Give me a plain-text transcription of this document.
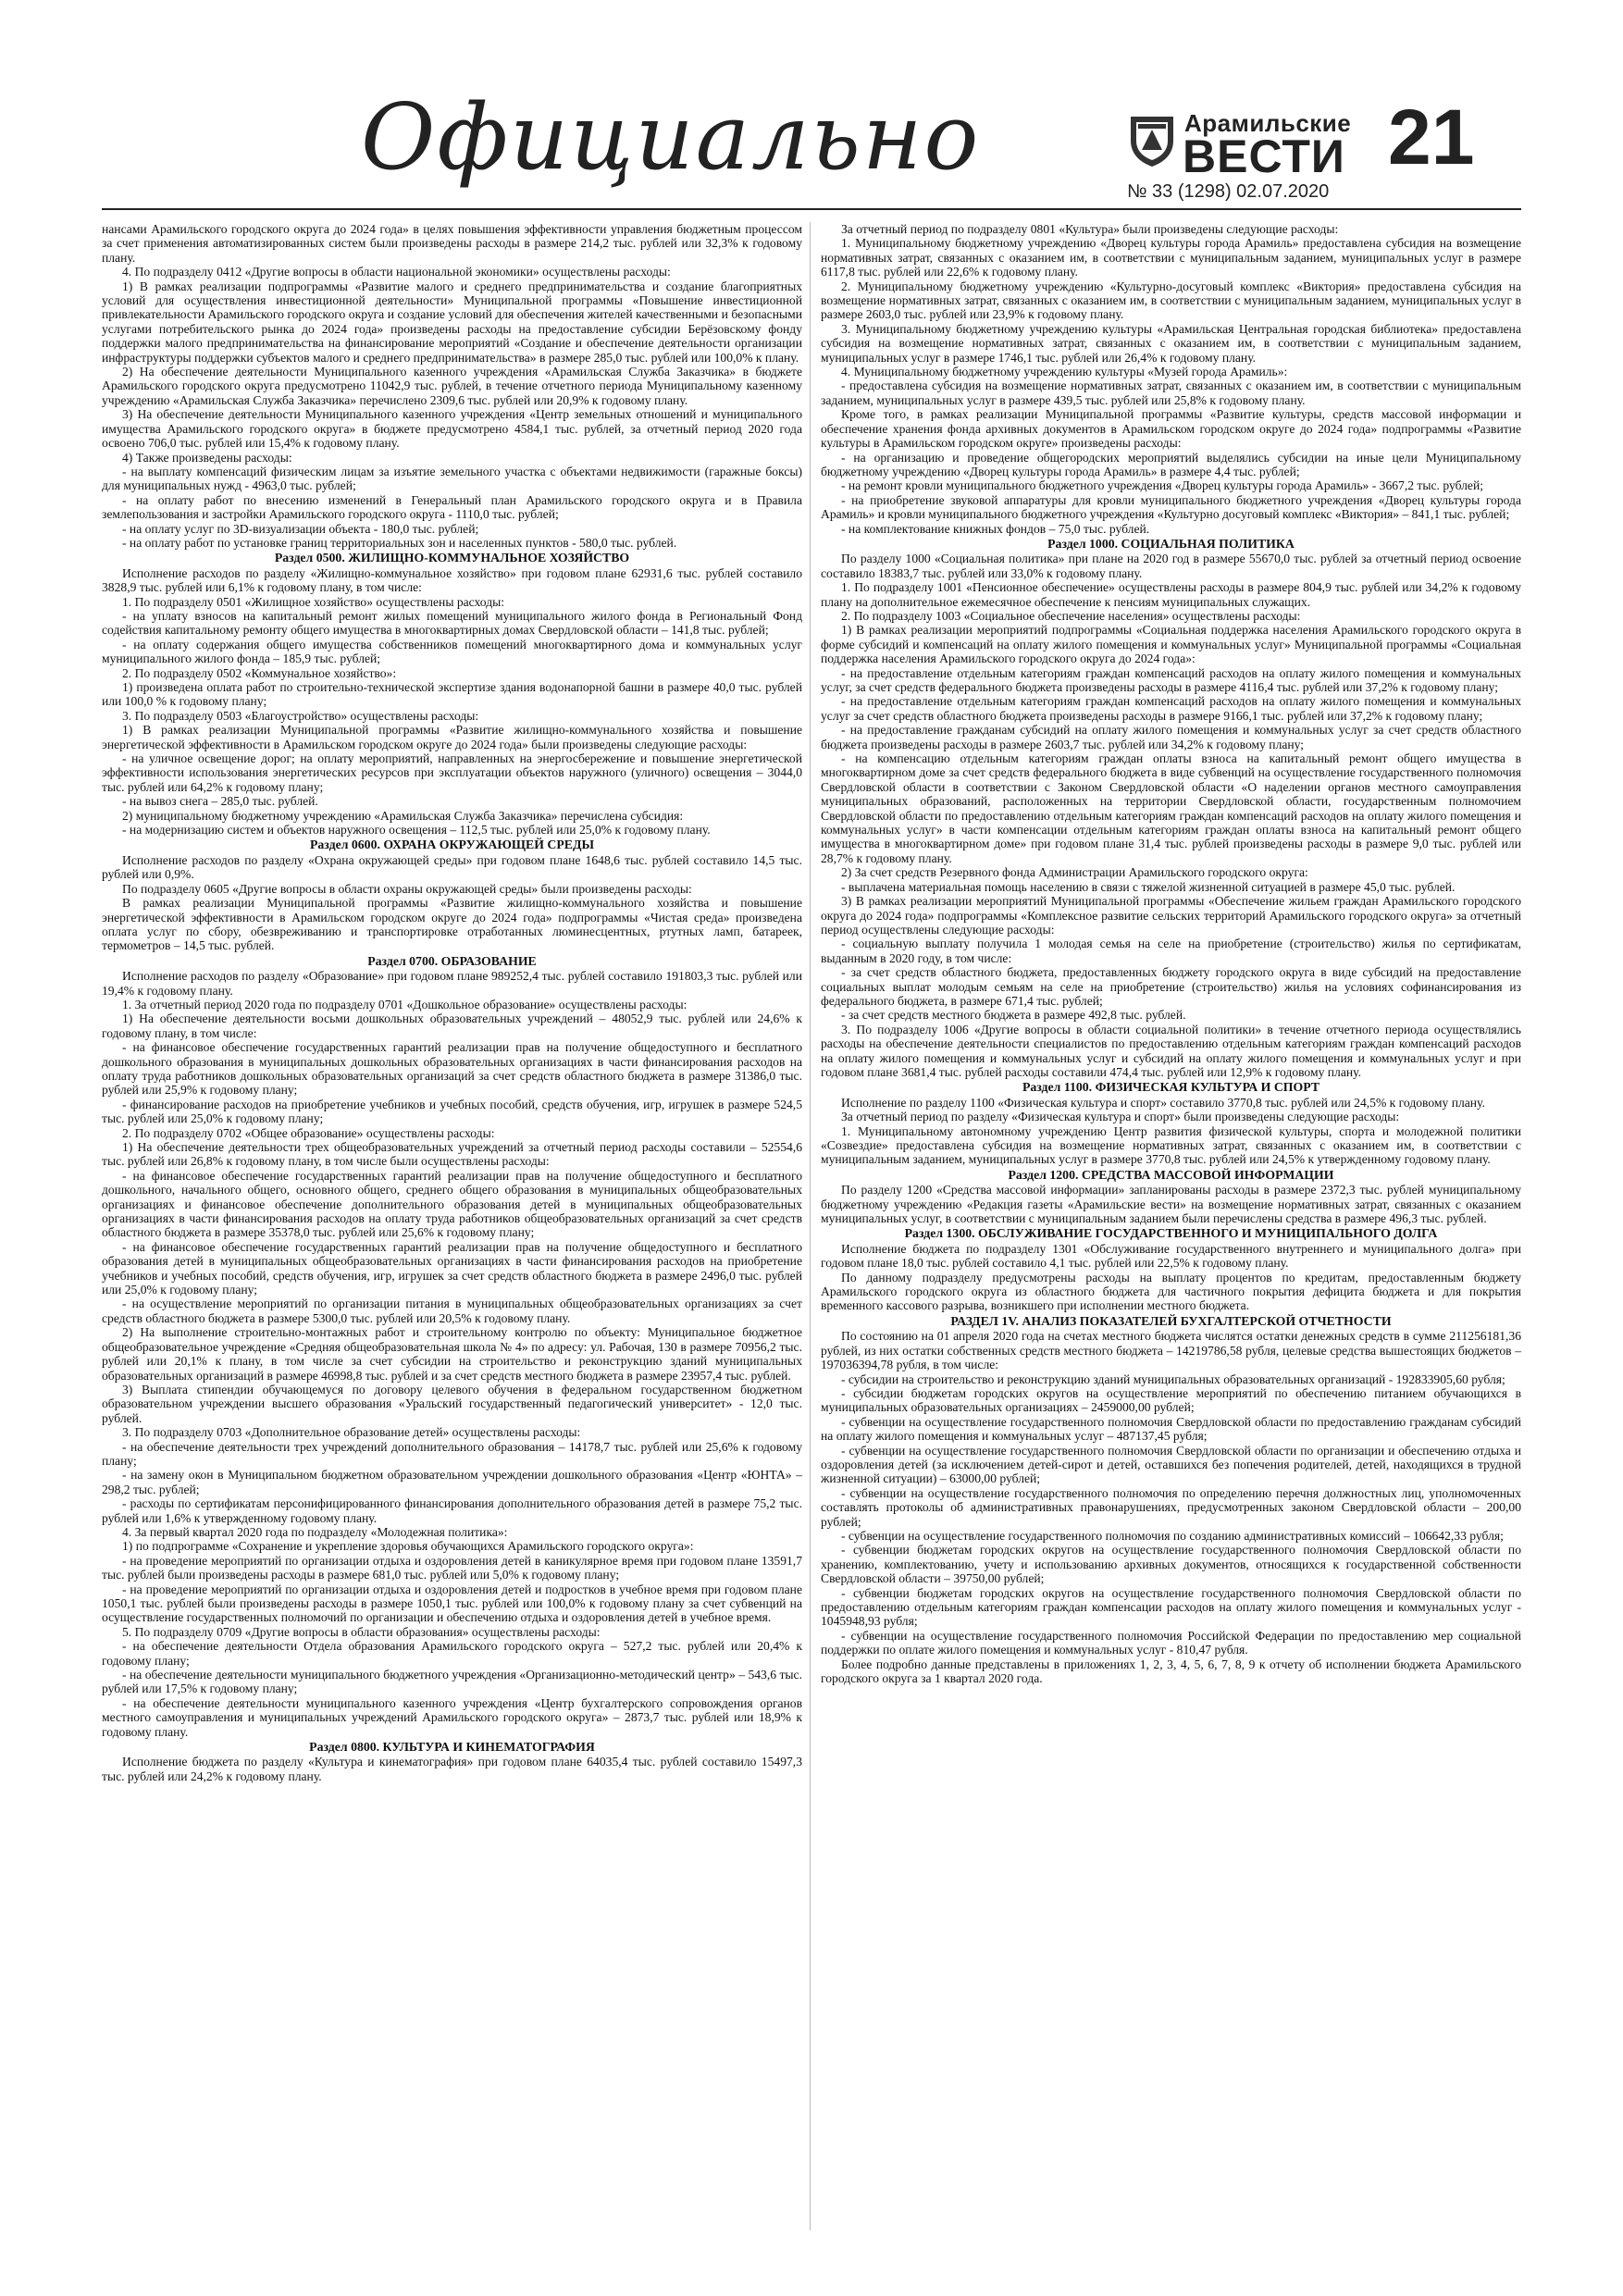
Официально	Арамильские
ВЕСТИ 21
№ 33 (1298) 02.07.2020

нансами Арамильского городского округа до 2024 года» в целях повышения эффективности управления бюджетным процессом за счет применения автоматизированных систем были произведены расходы в размере 214,2 тыс. рублей или 32,3% к годовому плану.

4. По подразделу 0412 «Другие вопросы в области национальной экономики» осуществлены расходы:

1) В рамках реализации подпрограммы «Развитие малого и среднего предпринимательства и создание благоприятных условий для осуществления инвестиционной деятельности» Муниципальной программы «Повышение инвестиционной привлекательности Арамильского городского округа и создание условий для обеспечения жителей качественными и безопасными услугами потребительского рынка до 2024 года» произведены расходы на предоставление субсидии Берёзовскому фонду поддержки малого предпринимательства на финансирование мероприятий «Создание и обеспечение деятельности организации инфраструктуры поддержки субъектов малого и среднего предпринимательства» в размере 285,0 тыс. рублей или 100,0% к плану.

2) На обеспечение деятельности Муниципального казенного учреждения «Арамильская Служба Заказчика» в бюджете Арамильского городского округа предусмотрено 11042,9 тыс. рублей, в течение отчетного периода Муниципальному казенному учреждению «Арамильская Служба Заказчика» перечислено 2309,6 тыс. рублей или 20,9% к годовому плану.

3) На обеспечение деятельности Муниципального казенного учреждения «Центр земельных отношений и муниципального имущества Арамильского городского округа» в бюджете предусмотрено 4584,1 тыс. рублей, за отчетный период 2020 года освоено 706,0 тыс. рублей или 15,4% к годовому плану.

4) Также произведены расходы:

- на выплату компенсаций физическим лицам за изъятие земельного участка с объектами недвижимости (гаражные боксы) для муниципальных нужд - 4963,0 тыс. рублей;

- на оплату работ по внесению изменений в Генеральный план Арамильского городского округа и в Правила землепользования и застройки Арамильского городского округа - 1110,0 тыс. рублей;

- на оплату услуг по 3D-визуализации объекта - 180,0 тыс. рублей;

- на оплату работ по установке границ территориальных зон и населенных пунктов - 580,0 тыс. рублей.

Раздел 0500. ЖИЛИЩНО-КОММУНАЛЬНОЕ ХОЗЯЙСТВО

Исполнение расходов по разделу «Жилищно-коммунальное хозяйство» при годовом плане 62931,6 тыс. рублей составило 3828,9 тыс. рублей или 6,1% к годовому плану, в том числе:

1. По подразделу 0501 «Жилищное хозяйство» осуществлены расходы:

- на уплату взносов на капитальный ремонт жилых помещений муниципального жилого фонда в Региональный Фонд содействия капитальному ремонту общего имущества в многоквартирных домах Свердловской области – 141,8 тыс. рублей;

- на оплату содержания общего имущества собственников помещений многоквартирного дома и коммунальных услуг муниципального жилого фонда – 185,9 тыс. рублей;

2. По подразделу 0502 «Коммунальное хозяйство»:

1) произведена оплата работ по строительно-технической экспертизе здания водонапорной башни в размере 40,0 тыс. рублей или 100,0 % к годовому плану;

3. По подразделу 0503 «Благоустройство» осуществлены расходы:

1) В рамках реализации Муниципальной программы «Развитие жилищно-коммунального хозяйства и повышение энергетической эффективности в Арамильском городском округе до 2024 года» были произведены следующие расходы:

- на уличное освещение дорог; на оплату мероприятий, направленных на энергосбережение и повышение энергетической эффективности использования энергетических ресурсов при эксплуатации объектов наружного (уличного) освещения – 3044,0 тыс. рублей или 64,2% к годовому плану;

- на вывоз снега – 285,0 тыс. рублей.

2) муниципальному бюджетному учреждению «Арамильская Служба Заказчика» перечислена субсидия:

- на модернизацию систем и объектов наружного освещения – 112,5 тыс. рублей или 25,0% к годовому плану.

Раздел 0600. ОХРАНА ОКРУЖАЮЩЕЙ СРЕДЫ

Исполнение расходов по разделу «Охрана окружающей среды» при годовом плане 1648,6 тыс. рублей составило 14,5 тыс. рублей или 0,9%.

По подразделу 0605 «Другие вопросы в области охраны окружающей среды» были произведены расходы:

В рамках реализации Муниципальной программы «Развитие жилищно-коммунального хозяйства и повышение энергетической эффективности в Арамильском городском округе до 2024 года» подпрограммы «Чистая среда» произведена оплата услуг по сбору, обезвреживанию и транспортировке отработанных люминесцентных, ртутных ламп, батареек, термометров – 14,5 тыс. рублей.

Раздел 0700. ОБРАЗОВАНИЕ

Исполнение расходов по разделу «Образование» при годовом плане 989252,4 тыс. рублей составило 191803,3 тыс. рублей или 19,4% к годовому плану.

1. За отчетный период 2020 года по подразделу 0701 «Дошкольное образование» осуществлены расходы:

1) На обеспечение деятельности восьми дошкольных образовательных учреждений – 48052,9 тыс. рублей или 24,6% к годовому плану, в том числе:

- на финансовое обеспечение государственных гарантий реализации прав на получение общедоступного и бесплатного дошкольного образования в муниципальных дошкольных образовательных организациях в части финансирования расходов на оплату труда работников дошкольных образовательных организаций за счет средств областного бюджета в размере 31386,0 тыс. рублей или 25,9% к годовому плану;

- финансирование расходов на приобретение учебников и учебных пособий, средств обучения, игр, игрушек в размере 524,5 тыс. рублей или 25,0% к годовому плану;

2. По подразделу 0702 «Общее образование» осуществлены расходы:

1) На обеспечение деятельности трех общеобразовательных учреждений за отчетный период расходы составили – 52554,6 тыс. рублей или 26,8% к годовому плану, в том числе были осуществлены расходы:

- на финансовое обеспечение государственных гарантий реализации прав на получение общедоступного и бесплатного дошкольного, начального общего, основного общего, среднего общего образования в муниципальных общеобразовательных организациях и финансовое обеспечение дополнительного образования детей в муниципальных общеобразовательных организациях в части финансирования расходов на оплату труда работников общеобразовательных организаций за счет средств областного бюджета в размере 35378,0 тыс. рублей или 25,6% к годовому плану;

- на финансовое обеспечение государственных гарантий реализации прав на получение общедоступного и бесплатного образования детей в муниципальных общеобразовательных организациях в части финансирования расходов на приобретение учебников и учебных пособий, средств обучения, игр, игрушек за счет средств областного бюджета в размере 2496,0 тыс. рублей или 25,0% к годовому плану;

- на осуществление мероприятий по организации питания в муниципальных общеобразовательных организациях за счет средств областного бюджета в размере 5300,0 тыс. рублей или 20,5% к годовому плану.

2) На выполнение строительно-монтажных работ и строительному контролю по объекту: Муниципальное бюджетное общеобразовательное учреждение «Средняя общеобразовательная школа № 4» по адресу: ул. Рабочая, 130 в размере 70956,2 тыс. рублей или 20,1% к плану, в том числе за счет субсидии на строительство и реконструкцию зданий муниципальных образовательных организаций в размере 46998,8 тыс. рублей и за счет средств местного бюджета в размере 23957,4 тыс. рублей.

3) Выплата стипендии обучающемуся по договору целевого обучения в федеральном государственном бюджетном образовательном учреждении высшего образования «Уральский государственный педагогический университет» - 12,0 тыс. рублей.

3. По подразделу 0703 «Дополнительное образование детей» осуществлены расходы:

- на обеспечение деятельности трех учреждений дополнительного образования – 14178,7 тыс. рублей или 25,6% к годовому плану;

- на замену окон в Муниципальном бюджетном образовательном учреждении дошкольного образования «Центр «ЮНТА» – 298,2 тыс. рублей;

- расходы по сертификатам персонифицированного финансирования дополнительного образования детей в размере 75,2 тыс. рублей или 1,6% к утвержденному годовому плану.

4. За первый квартал 2020 года по подразделу «Молодежная политика»:

1) по подпрограмме «Сохранение и укрепление здоровья обучающихся Арамильского городского округа»:

- на проведение мероприятий по организации отдыха и оздоровления детей в каникулярное время при годовом плане 13591,7 тыс. рублей были произведены расходы в размере 681,0 тыс. рублей или 5,0% к годовому плану;

- на проведение мероприятий по организации отдыха и оздоровления детей и подростков в учебное время при годовом плане 1050,1 тыс. рублей были произведены расходы в размере 1050,1 тыс. рублей или 100,0% к годовому плану за счет субвенций на осуществление государственных полномочий по организации и обеспечению отдыха и оздоровления детей в учебное время.

5. По подразделу 0709 «Другие вопросы в области образования» осуществлены расходы:

- на обеспечение деятельности Отдела образования Арамильского городского округа – 527,2 тыс. рублей или 20,4% к годовому плану;

- на обеспечение деятельности муниципального бюджетного учреждения «Организационно-методический центр» – 543,6 тыс. рублей или 17,5% к годовому плану;

- на обеспечение деятельности муниципального казенного учреждения «Центр бухгалтерского сопровождения органов местного самоуправления и муниципальных учреждений Арамильского городского округа» – 2873,7 тыс. рублей или 18,9% к годовому плану.

Раздел 0800. КУЛЬТУРА И КИНЕМАТОГРАФИЯ

Исполнение бюджета по разделу «Культура и кинематография» при годовом плане 64035,4 тыс. рублей составило 15497,3 тыс. рублей или 24,2% к годовому плану.

За отчетный период по подразделу 0801 «Культура» были произведены следующие расходы:

1. Муниципальному бюджетному учреждению «Дворец культуры города Арамиль» предоставлена субсидия на возмещение нормативных затрат, связанных с оказанием им, в соответствии с муниципальным заданием, муниципальных услуг в размере 6117,8 тыс. рублей или 22,6% к годовому плану.

2. Муниципальному бюджетному учреждению «Культурно-досуговый комплекс «Виктория» предоставлена субсидия на возмещение нормативных затрат, связанных с оказанием им, в соответствии с муниципальным заданием, муниципальных услуг в размере 2603,0 тыс. рублей или 23,9% к годовому плану.

3. Муниципальному бюджетному учреждению культуры «Арамильская Центральная городская библиотека» предоставлена субсидия на возмещение нормативных затрат, связанных с оказанием им, в соответствии с муниципальным заданием, муниципальных услуг в размере 1746,1 тыс. рублей или 26,4% к годовому плану.

4. Муниципальному бюджетному учреждению культуры «Музей города Арамиль»:

- предоставлена субсидия на возмещение нормативных затрат, связанных с оказанием им, в соответствии с муниципальным заданием, муниципальных услуг в размере 439,5 тыс. рублей или 25,8% к годовому плану.

Кроме того, в рамках реализации Муниципальной программы «Развитие культуры, средств массовой информации и обеспечение хранения фонда архивных документов в Арамильском городском округе до 2024 года» подпрограммы «Развитие культуры в Арамильском городском округе» произведены расходы:

- на организацию и проведение общегородских мероприятий выделялись субсидии на иные цели Муниципальному бюджетному учреждению «Дворец культуры города Арамиль» в размере 4,4 тыс. рублей;

- на ремонт кровли муниципального бюджетного учреждения «Дворец культуры города Арамиль» - 3667,2 тыс. рублей;

- на приобретение звуковой аппаратуры для кровли муниципального бюджетного учреждения «Дворец культуры города Арамиль» и кровли муниципального бюджетного учреждения «Культурно досуговый комплекс «Виктория» – 841,1 тыс. рублей;

- на комплектование книжных фондов – 75,0 тыс. рублей.

Раздел 1000. СОЦИАЛЬНАЯ ПОЛИТИКА

По разделу 1000 «Социальная политика» при плане на 2020 год в размере 55670,0 тыс. рублей за отчетный период освоение составило 18383,7 тыс. рублей или 33,0% к годовому плану.

1. По подразделу 1001 «Пенсионное обеспечение» осуществлены расходы в размере 804,9 тыс. рублей или 34,2% к годовому плану на дополнительное ежемесячное обеспечение к пенсиям муниципальных служащих.

2. По подразделу 1003 «Социальное обеспечение населения» осуществлены расходы:

1) В рамках реализации мероприятий подпрограммы «Социальная поддержка населения Арамильского городского округа в форме субсидий и компенсаций на оплату жилого помещения и коммунальных услуг» Муниципальной программы «Социальная поддержка населения Арамильского городского округа до 2024 года»:

- на предоставление отдельным категориям граждан компенсаций расходов на оплату жилого помещения и коммунальных услуг, за счет средств федерального бюджета произведены расходы в размере 4116,4 тыс. рублей или 37,2% к годовому плану;

- на предоставление отдельным категориям граждан компенсаций расходов на оплату жилого помещения и коммунальных услуг за счет средств областного бюджета произведены расходы в размере 9166,1 тыс. рублей или 37,2% к годовому плану;

- на предоставление гражданам субсидий на оплату жилого помещения и коммунальных услуг за счет средств областного бюджета произведены расходы в размере 2603,7 тыс. рублей или 34,2% к годовому плану;

- на компенсацию отдельным категориям граждан оплаты взноса на капитальный ремонт общего имущества в многоквартирном доме за счет средств федерального бюджета в виде субвенций на осуществление государственного полномочия Свердловской области в соответствии с Законом Свердловской области «О наделении органов местного самоуправления муниципальных образований, расположенных на территории Свердловской области, государственным полномочием Свердловской области по предоставлению отдельным категориям граждан компенсаций расходов на оплату жилого помещения и коммунальных услуг» в части компенсации отдельным категориям граждан оплаты взноса на капитальный ремонт общего имущества в многоквартирном доме» при годовом плане 31,4 тыс. рублей произведены расходы в размере 9,0 тыс. рублей или 28,7% к годовому плану.

2) За счет средств Резервного фонда Администрации Арамильского городского округа:

- выплачена материальная помощь населению в связи с тяжелой жизненной ситуацией в размере 45,0 тыс. рублей.

3) В рамках реализации мероприятий Муниципальной программы «Обеспечение жильем граждан Арамильского городского округа до 2024 года» подпрограммы «Комплексное развитие сельских территорий Арамильского городского округа» за отчетный период осуществлены следующие расходы:

- социальную выплату получила 1 молодая семья на селе на приобретение (строительство) жилья по сертификатам, выданным в 2020 году, в том числе:

- за счет средств областного бюджета, предоставленных бюджету городского округа в виде субсидий на предоставление социальных выплат молодым семьям на селе на приобретение (строительство) жилья на условиях софинансирования из федерального бюджета, в размере 671,4 тыс. рублей;

- за счет средств местного бюджета в размере 492,8 тыс. рублей.

3. По подразделу 1006 «Другие вопросы в области социальной политики» в течение отчетного периода осуществлялись расходы на обеспечение деятельности специалистов по предоставлению отдельным категориям граждан компенсаций расходов на оплату жилого помещения и коммунальных услуг и субсидий на оплату жилого помещения и коммунальных услуг и при годовом плане 3681,4 тыс. рублей расходы составили 474,4 тыс. рублей или 12,9% к годовому плану.

Раздел 1100. ФИЗИЧЕСКАЯ КУЛЬТУРА И СПОРТ

Исполнение по разделу 1100 «Физическая культура и спорт» составило 3770,8 тыс. рублей или 24,5% к годовому плану.

За отчетный период по разделу «Физическая культура и спорт» были произведены следующие расходы:

1. Муниципальному автономному учреждению Центр развития физической культуры, спорта и молодежной политики «Созвездие» предоставлена субсидия на возмещение нормативных затрат, связанных с оказанием им, в соответствии с муниципальным заданием, муниципальных услуг в размере 3770,8 тыс. рублей или 24,5% к утвержденному годовому плану.

Раздел 1200. СРЕДСТВА МАССОВОЙ ИНФОРМАЦИИ

По разделу 1200 «Средства массовой информации» запланированы расходы в размере 2372,3 тыс. рублей муниципальному бюджетному учреждению «Редакция газеты «Арамильские вести» на возмещение нормативных затрат, связанных с оказанием муниципальных услуг, в соответствии с муниципальным заданием были перечислены средства в размере 496,3 тыс. рублей.

Раздел 1300. ОБСЛУЖИВАНИЕ ГОСУДАРСТВЕННОГО И МУНИЦИПАЛЬНОГО ДОЛГА

Исполнение бюджета по подразделу 1301 «Обслуживание государственного внутреннего и муниципального долга» при годовом плане 18,0 тыс. рублей составило 4,1 тыс. рублей или 22,5% к годовому плану.

По данному подразделу предусмотрены расходы на выплату процентов по кредитам, предоставленным бюджету Арамильского городского округа из областного бюджета для частичного покрытия дефицита бюджета и для покрытия временного кассового разрыва, возникшего при исполнении местного бюджета.

РАЗДЕЛ 1V. АНАЛИЗ ПОКАЗАТЕЛЕЙ БУХГАЛТЕРСКОЙ ОТЧЕТНОСТИ

По состоянию на 01 апреля 2020 года на счетах местного бюджета числятся остатки денежных средств в сумме 211256181,36 рублей, из них остатки собственных средств местного бюджета – 14219786,58 рубля, целевые средства вышестоящих бюджетов – 197036394,78 рубля, в том числе:

- субсидии на строительство и реконструкцию зданий муниципальных образовательных организаций - 192833905,60 рубля;

- субсидии бюджетам городских округов на осуществление мероприятий по обеспечению питанием обучающихся в муниципальных образовательных организациях – 2459000,00 рублей;

- субвенции на осуществление государственного полномочия Свердловской области по предоставлению гражданам субсидий на оплату жилого помещения и коммунальных услуг – 487137,45 рубля;

- субвенции на осуществление государственного полномочия Свердловской области по организации и обеспечению отдыха и оздоровления детей (за исключением детей-сирот и детей, оставшихся без попечения родителей, детей, находящихся в трудной жизненной ситуации) – 63000,00 рублей;

- субвенции на осуществление государственного полномочия по определению перечня должностных лиц, уполномоченных составлять протоколы об административных правонарушениях, предусмотренных законом Свердловской области – 200,00 рублей;

- субвенции на осуществление государственного полномочия по созданию административных комиссий – 106642,33 рубля;

- субвенции бюджетам городских округов на осуществление государственного полномочия Свердловской области по хранению, комплектованию, учету и использованию архивных документов, относящихся к государственной собственности Свердловской области – 39750,00 рублей;

- субвенции бюджетам городских округов на осуществление государственного полномочия Свердловской области по предоставлению отдельным категориям граждан компенсации расходов на оплату жилого помещения и коммунальных услуг - 1045948,93 рубля;

- субвенции на осуществление государственного полномочия Российской Федерации по предоставлению мер социальной поддержки по оплате жилого помещения и коммунальных услуг - 810,47 рубля.

Более подробно данные представлены в приложениях 1, 2, 3, 4, 5, 6, 7, 8, 9 к отчету об исполнении бюджета Арамильского городского округа за 1 квартал 2020 года.
